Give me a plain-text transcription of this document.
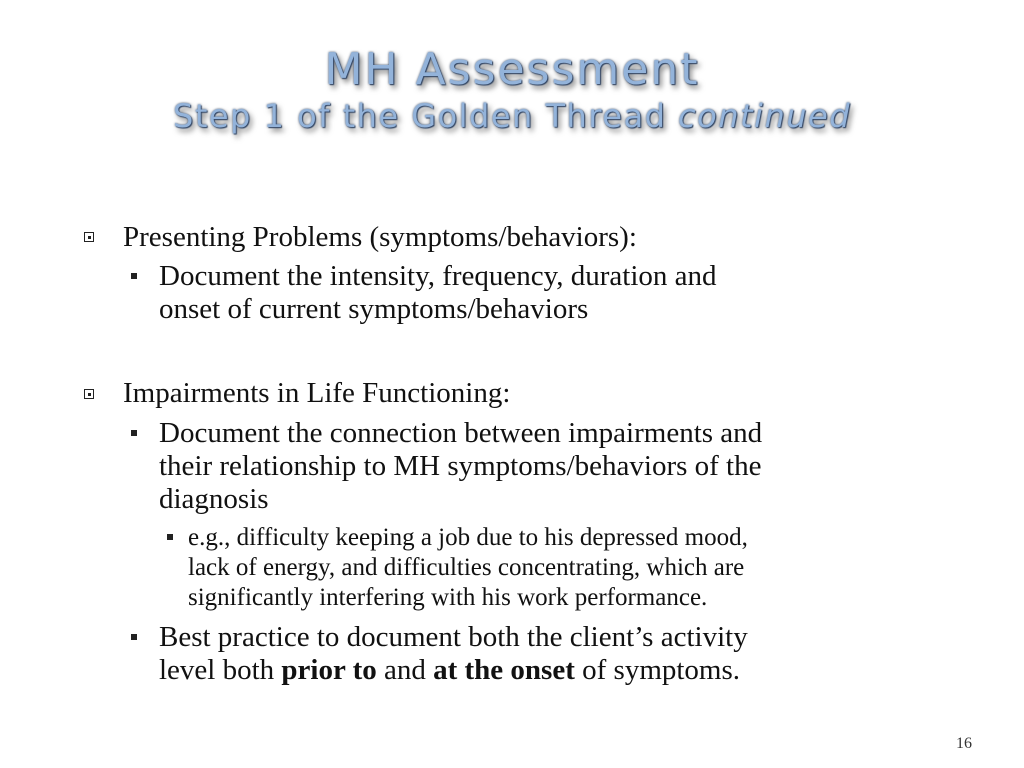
MH Assessment
Step 1 of the Golden Thread continued
Presenting Problems (symptoms/behaviors):
Document the intensity, frequency, duration and
onset of current symptoms/behaviors
Impairments in Life Functioning:
Document the connection between impairments and
their relationship to MH symptoms/behaviors of the
diagnosis
e.g., difficulty keeping a job due to his depressed mood,
lack of energy, and difficulties concentrating, which are
significantly interfering with his work performance.
Best practice to document both the client’s activity
level both prior to and at the onset of symptoms.
16
